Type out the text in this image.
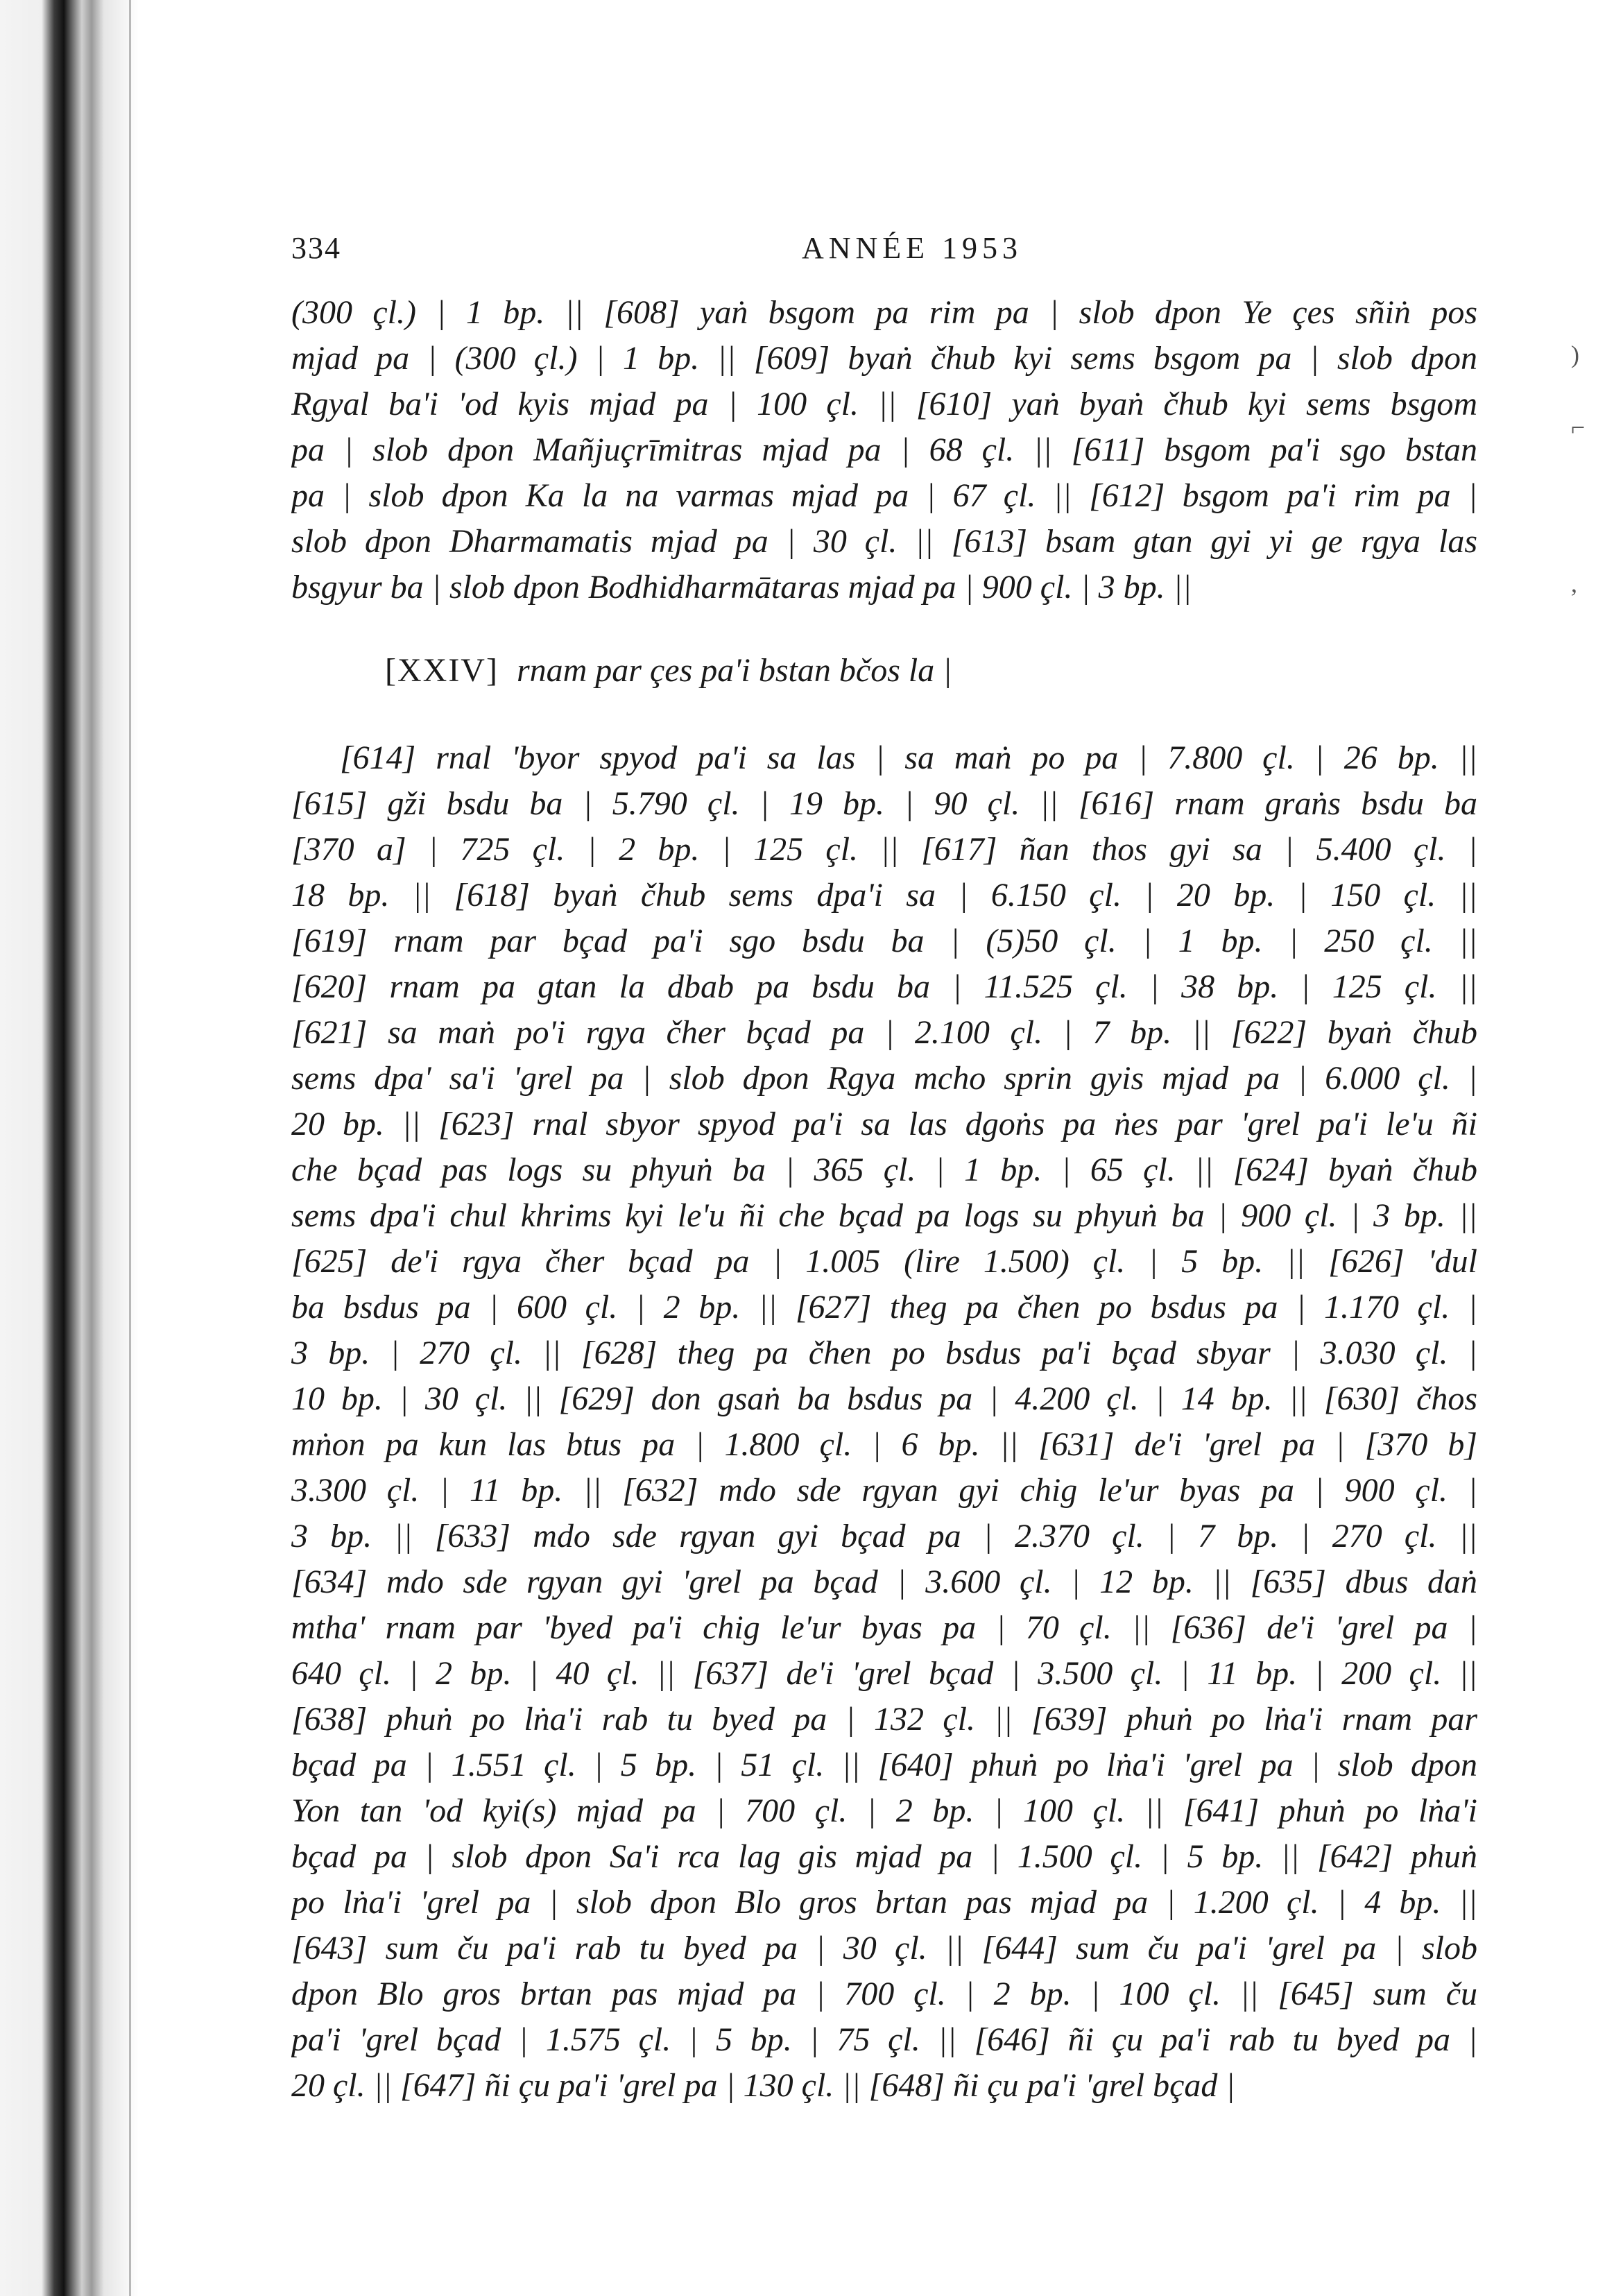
334	ANNÉE 1953
(300 çl.) | 1 bp. || [608] yaṅ bsgom pa rim pa | slob dpon Ye çes sñiṅ pos
mjad pa | (300 çl.) | 1 bp. || [609] byaṅ čhub kyi sems bsgom pa | slob dpon
Rgyal ba'i 'od kyis mjad pa | 100 çl. || [610] yaṅ byaṅ čhub kyi sems bsgom
pa | slob dpon Mañjuçrīmitras mjad pa | 68 çl. || [611] bsgom pa'i sgo bstan
pa | slob dpon Ka la na varmas mjad pa | 67 çl. || [612] bsgom pa'i rim pa |
slob dpon Dharmamatis mjad pa | 30 çl. || [613] bsam gtan gyi yi ge rgya las
bsgyur ba | slob dpon Bodhidharmātaras mjad pa | 900 çl. | 3 bp. ||
[XXIV] rnam par çes pa'i bstan bčos la |
[614] rnal 'byor spyod pa'i sa las | sa maṅ po pa | 7.800 çl. | 26 bp. ||
[615] gži bsdu ba | 5.790 çl. | 19 bp. | 90 çl. || [616] rnam graṅs bsdu ba
[370 a] | 725 çl. | 2 bp. | 125 çl. || [617] ñan thos gyi sa | 5.400 çl. |
18 bp. || [618] byaṅ čhub sems dpa'i sa | 6.150 çl. | 20 bp. | 150 çl. ||
[619] rnam par bçad pa'i sgo bsdu ba | (5)50 çl. | 1 bp. | 250 çl. ||
[620] rnam pa gtan la dbab pa bsdu ba | 11.525 çl. | 38 bp. | 125 çl. ||
[621] sa maṅ po'i rgya čher bçad pa | 2.100 çl. | 7 bp. || [622] byaṅ čhub
sems dpa' sa'i 'grel pa | slob dpon Rgya mcho sprin gyis mjad pa | 6.000 çl. |
20 bp. || [623] rnal sbyor spyod pa'i sa las dgoṅs pa ṅes par 'grel pa'i le'u ñi
che bçad pas logs su phyuṅ ba | 365 çl. | 1 bp. | 65 çl. || [624] byaṅ čhub
sems dpa'i chul khrims kyi le'u ñi che bçad pa logs su phyuṅ ba | 900 çl. | 3 bp. ||
[625] de'i rgya čher bçad pa | 1.005 (lire 1.500) çl. | 5 bp. || [626] 'dul
ba bsdus pa | 600 çl. | 2 bp. || [627] theg pa čhen po bsdus pa | 1.170 çl. |
3 bp. | 270 çl. || [628] theg pa čhen po bsdus pa'i bçad sbyar | 3.030 çl. |
10 bp. | 30 çl. || [629] don gsaṅ ba bsdus pa | 4.200 çl. | 14 bp. || [630] čhos
mṅon pa kun las btus pa | 1.800 çl. | 6 bp. || [631] de'i 'grel pa | [370 b]
3.300 çl. | 11 bp. || [632] mdo sde rgyan gyi chig le'ur byas pa | 900 çl. |
3 bp. || [633] mdo sde rgyan gyi bçad pa | 2.370 çl. | 7 bp. | 270 çl. ||
[634] mdo sde rgyan gyi 'grel pa bçad | 3.600 çl. | 12 bp. || [635] dbus daṅ
mtha' rnam par 'byed pa'i chig le'ur byas pa | 70 çl. || [636] de'i 'grel pa |
640 çl. | 2 bp. | 40 çl. || [637] de'i 'grel bçad | 3.500 çl. | 11 bp. | 200 çl. ||
[638] phuṅ po lṅa'i rab tu byed pa | 132 çl. || [639] phuṅ po lṅa'i rnam par
bçad pa | 1.551 çl. | 5 bp. | 51 çl. || [640] phuṅ po lṅa'i 'grel pa | slob dpon
Yon tan 'od kyi(s) mjad pa | 700 çl. | 2 bp. | 100 çl. || [641] phuṅ po lṅa'i
bçad pa | slob dpon Sa'i rca lag gis mjad pa | 1.500 çl. | 5 bp. || [642] phuṅ
po lṅa'i 'grel pa | slob dpon Blo gros brtan pas mjad pa | 1.200 çl. | 4 bp. ||
[643] sum ču pa'i rab tu byed pa | 30 çl. || [644] sum ču pa'i 'grel pa | slob
dpon Blo gros brtan pas mjad pa | 700 çl. | 2 bp. | 100 çl. || [645] sum ču
pa'i 'grel bçad | 1.575 çl. | 5 bp. | 75 çl. || [646] ñi çu pa'i rab tu byed pa |
20 çl. || [647] ñi çu pa'i 'grel pa | 130 çl. || [648] ñi çu pa'i 'grel bçad |
)
⌐
,
